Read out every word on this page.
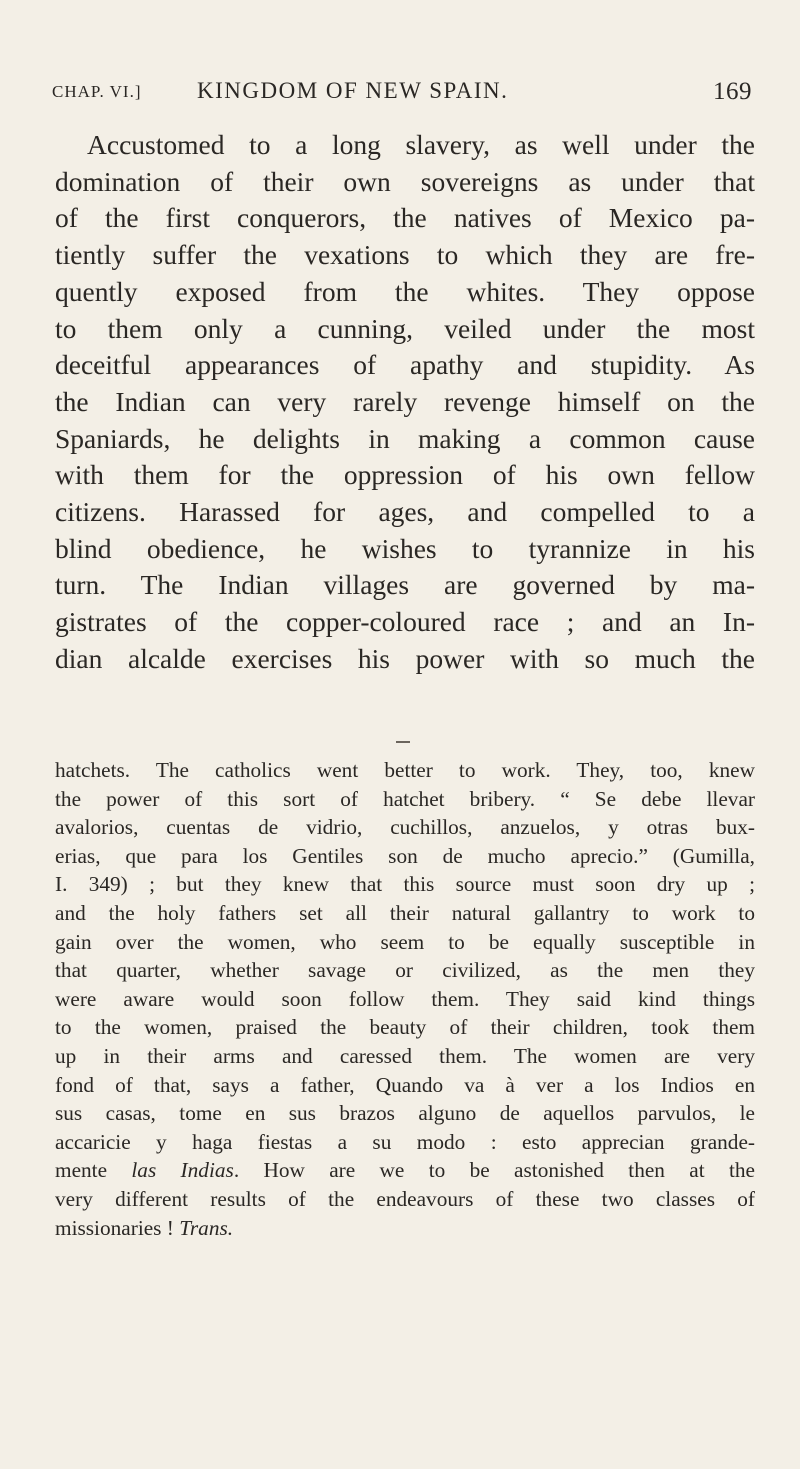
CHAP. VI.] KINGDOM OF NEW SPAIN.	169
Accustomed to a long slavery, as well under the
domination of their own sovereigns as under that
of the first conquerors, the natives of Mexico pa-
tiently suffer the vexations to which they are fre-
quently exposed from the whites. They oppose
to them only a cunning, veiled under the most
deceitful appearances of apathy and stupidity. As
the Indian can very rarely revenge himself on the
Spaniards, he delights in making a common cause
with them for the oppression of his own fellow
citizens. Harassed for ages, and compelled to a
blind obedience, he wishes to tyrannize in his
turn. The Indian villages are governed by ma-
gistrates of the copper-coloured race ; and an In-
dian alcalde exercises his power with so much the
hatchets. The catholics went better to work. They, too, knew
the power of this sort of hatchet bribery. “ Se debe llevar
avalorios, cuentas de vidrio, cuchillos, anzuelos, y otras bux-
erias, que para los Gentiles son de mucho aprecio.” (Gumilla,
I. 349) ; but they knew that this source must soon dry up ;
and the holy fathers set all their natural gallantry to work to
gain over the women, who seem to be equally susceptible in
that quarter, whether savage or civilized, as the men they
were aware would soon follow them. They said kind things
to the women, praised the beauty of their children, took them
up in their arms and caressed them. The women are very
fond of that, says a father, Quando va à ver a los Indios en
sus casas, tome en sus brazos alguno de aquellos parvulos, le
accaricie y haga fiestas a su modo : esto apprecian grande-
mente las Indias. How are we to be astonished then at the
very different results of the endeavours of these two classes of
missionaries ! Trans.
